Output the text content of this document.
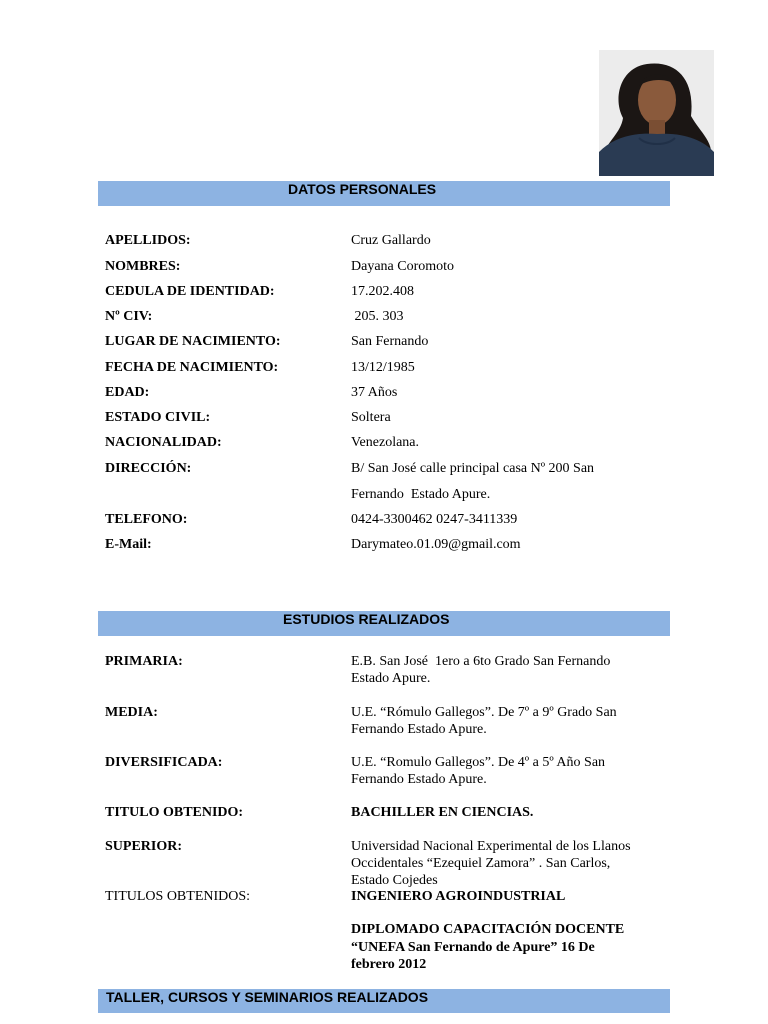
DATOS PERSONALES
APELLIDOS:	Cruz Gallardo
NOMBRES:	Dayana Coromoto
CEDULA DE IDENTIDAD:	17.202.408
Nº CIV:	205. 303
LUGAR DE NACIMIENTO:	San Fernando
FECHA DE NACIMIENTO:	13/12/1985
EDAD:	37 Años
ESTADO CIVIL:	Soltera
NACIONALIDAD:	Venezolana.
DIRECCIÓN:	B/ San José calle principal casa Nº 200 San
Fernando  Estado Apure.
TELEFONO:	0424-3300462 0247-3411339
E-Mail:	Darymateo.01.09@gmail.com
ESTUDIOS REALIZADOS
PRIMARIA:	E.B. San José  1ero a 6to Grado San Fernando
Estado Apure.
MEDIA:	U.E. “Rómulo Gallegos”. De 7º a 9º Grado San
Fernando Estado Apure.
DIVERSIFICADA:	U.E. “Romulo Gallegos”. De 4º a 5º Año San
Fernando Estado Apure.
TITULO OBTENIDO:	BACHILLER EN CIENCIAS.
SUPERIOR:	Universidad Nacional Experimental de los Llanos
Occidentales “Ezequiel Zamora” . San Carlos,
Estado Cojedes
TITULOS OBTENIDOS:	INGENIERO AGROINDUSTRIAL
DIPLOMADO CAPACITACIÓN DOCENTE
“UNEFA San Fernando de Apure” 16 De
febrero 2012
TALLER, CURSOS Y SEMINARIOS REALIZADOS
